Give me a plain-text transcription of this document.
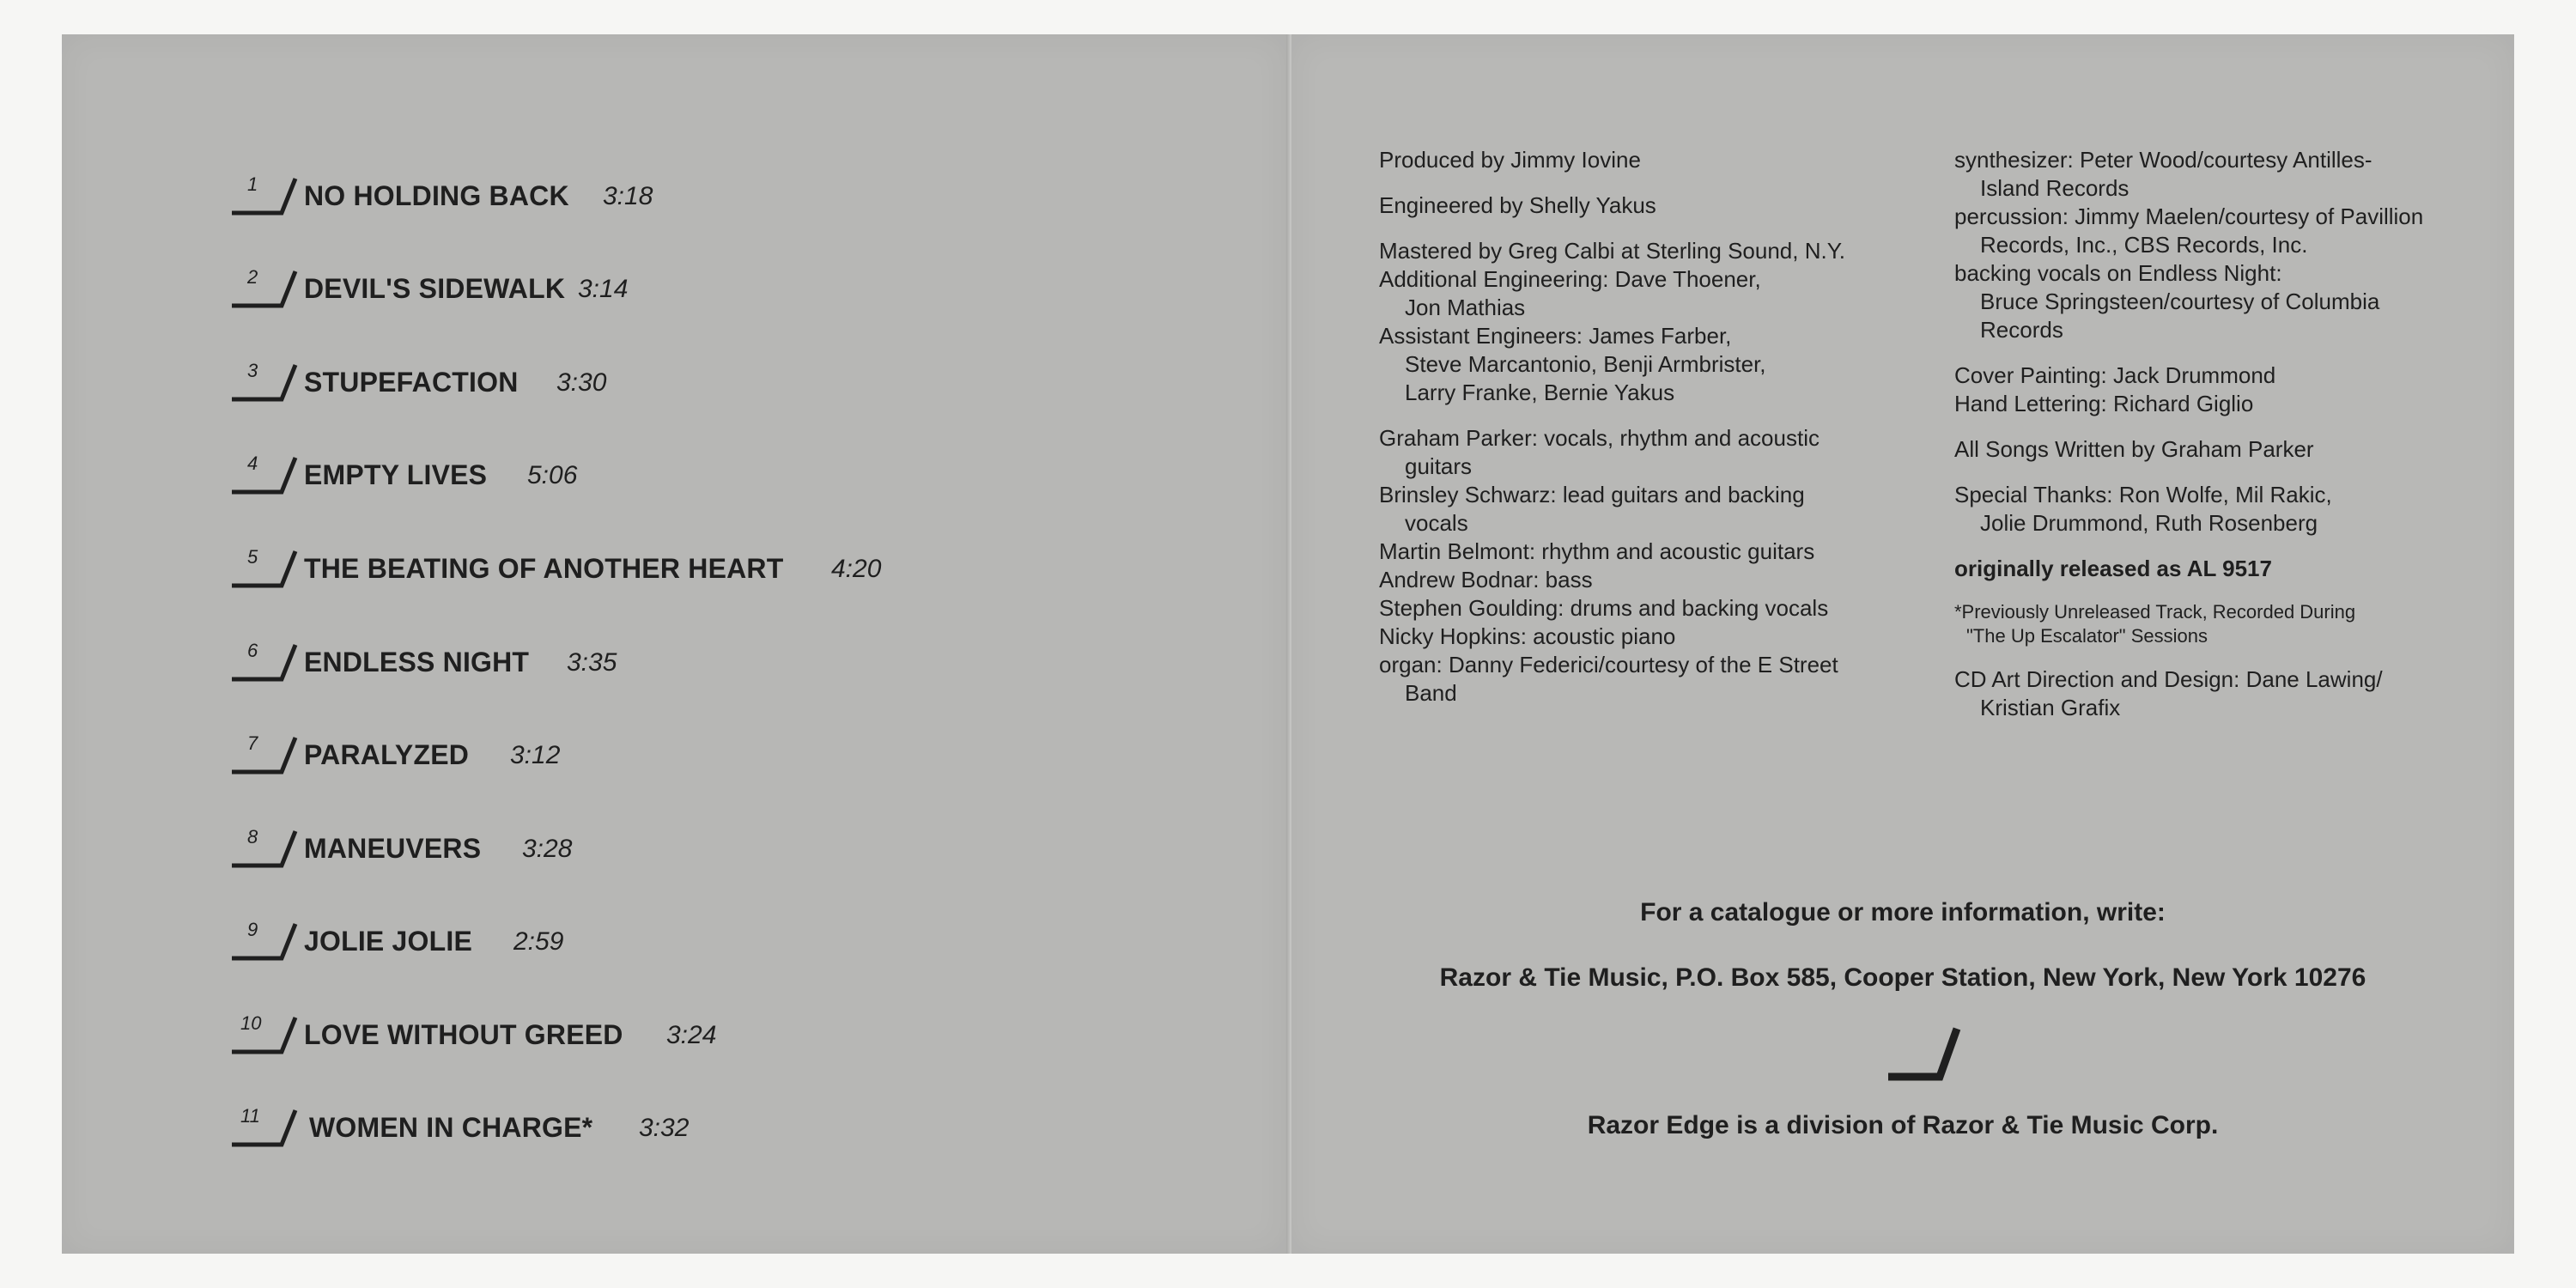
1 NO HOLDING BACK 3:18
2 DEVIL'S SIDEWALK 3:14
3 STUPEFACTION 3:30
4 EMPTY LIVES 5:06
5 THE BEATING OF ANOTHER HEART 4:20
6 ENDLESS NIGHT 3:35
7 PARALYZED 3:12
8 MANEUVERS 3:28
9 JOLIE JOLIE 2:59
10 LOVE WITHOUT GREED 3:24
11 WOMEN IN CHARGE* 3:32

Produced by Jimmy Iovine

Engineered by Shelly Yakus

Mastered by Greg Calbi at Sterling Sound, N.Y.
Additional Engineering: Dave Thoener,
Jon Mathias
Assistant Engineers: James Farber,
Steve Marcantonio, Benji Armbrister,
Larry Franke, Bernie Yakus
Graham Parker: vocals, rhythm and acoustic
guitars
Brinsley Schwarz: lead guitars and backing
vocals
Martin Belmont: rhythm and acoustic guitars
Andrew Bodnar: bass
Stephen Goulding: drums and backing vocals
Nicky Hopkins: acoustic piano
organ: Danny Federici/courtesy of the E Street
Band
synthesizer: Peter Wood/courtesy Antilles-
Island Records
percussion: Jimmy Maelen/courtesy of Pavillion
Records, Inc., CBS Records, Inc.
backing vocals on Endless Night:
Bruce Springsteen/courtesy of Columbia
Records
Cover Painting: Jack Drummond
Hand Lettering: Richard Giglio

All Songs Written by Graham Parker

Special Thanks: Ron Wolfe, Mil Rakic,
Jolie Drummond, Ruth Rosenberg

originally released as AL 9517

*Previously Unreleased Track, Recorded During
"The Up Escalator" Sessions
CD Art Direction and Design: Dane Lawing/
Kristian Grafix
For a catalogue or more information, write:
Razor & Tie Music, P.O. Box 585, Cooper Station, New York, New York 10276
Razor Edge is a division of Razor & Tie Music Corp.
